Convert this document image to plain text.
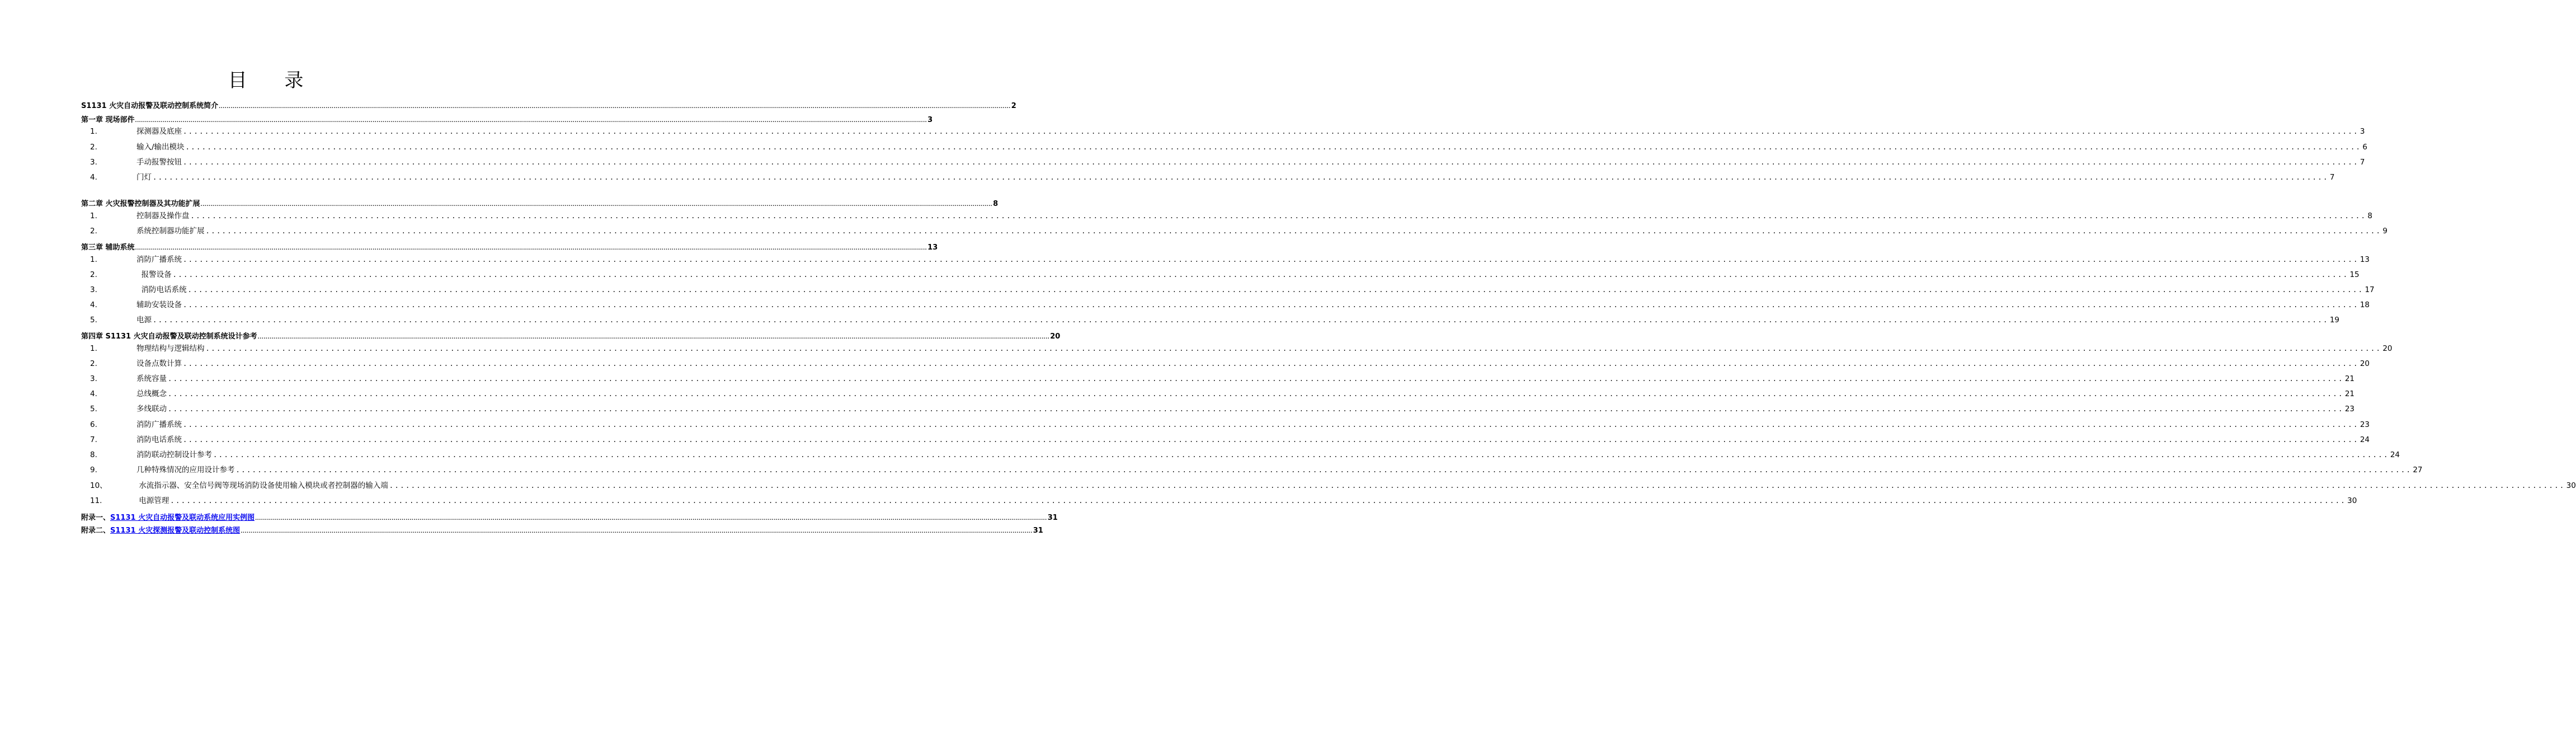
目 录
S1131 火灾自动报警及联动控制系统简介 ................................................................................................................................................................................................................................................................................................................................................................................................................ 2
第一章 现场部件 ................................................................................................................................................................................................................................................................................................................................................................................................................ 3
1.	探测器及底座 ................................................................................................................................................................................................................................................................................................................................................................................................................ 3
2.	输入/输出模块 ................................................................................................................................................................................................................................................................................................................................................................................................................ 6
3.	手动报警按钮 ................................................................................................................................................................................................................................................................................................................................................................................................................ 7
4.	门灯 ................................................................................................................................................................................................................................................................................................................................................................................................................ 7
第二章 火灾报警控制器及其功能扩展 ................................................................................................................................................................................................................................................................................................................................................................................................................ 8
1.	控制器及操作盘 ................................................................................................................................................................................................................................................................................................................................................................................................................ 8
2.	系统控制器功能扩展 ................................................................................................................................................................................................................................................................................................................................................................................................................ 9
第三章 辅助系统 ................................................................................................................................................................................................................................................................................................................................................................................................................ 13
1.	消防广播系统 ................................................................................................................................................................................................................................................................................................................................................................................................................ 13
2.	报警设备 ................................................................................................................................................................................................................................................................................................................................................................................................................ 15
3.	消防电话系统 ................................................................................................................................................................................................................................................................................................................................................................................................................ 17
4.	辅助安装设备 ................................................................................................................................................................................................................................................................................................................................................................................................................ 18
5.	电源 ................................................................................................................................................................................................................................................................................................................................................................................................................ 19
第四章 S1131 火灾自动报警及联动控制系统设计参考 ................................................................................................................................................................................................................................................................................................................................................................................................................ 20
1.	物理结构与逻辑结构 ................................................................................................................................................................................................................................................................................................................................................................................................................ 20
2.	设备点数计算 ................................................................................................................................................................................................................................................................................................................................................................................................................ 20
3.	系统容量 ................................................................................................................................................................................................................................................................................................................................................................................................................ 21
4.	总线概念 ................................................................................................................................................................................................................................................................................................................................................................................................................ 21
5.	多线联动 ................................................................................................................................................................................................................................................................................................................................................................................................................ 23
6.	消防广播系统 ................................................................................................................................................................................................................................................................................................................................................................................................................ 23
7.	消防电话系统 ................................................................................................................................................................................................................................................................................................................................................................................................................ 24
8.	消防联动控制设计参考 ................................................................................................................................................................................................................................................................................................................................................................................................................ 24
9.	几种特殊情况的应用设计参考 ................................................................................................................................................................................................................................................................................................................................................................................................................ 27
10、	水流指示器、安全信号阀等现场消防设备使用输入模块或者控制器的输入端 ................................................................................................................................................................................................................................................................................................................................................................................................................ 30
11.	电源管理 ................................................................................................................................................................................................................................................................................................................................................................................................................ 30
附录一、 S1131 火灾自动报警及联动系统应用实例图 ................................................................................................................................................................................................................................................................................................................................................................................................................ 31
附录二、 S1131 火灾探测报警及联动控制系统图 ................................................................................................................................................................................................................................................................................................................................................................................................................ 31
